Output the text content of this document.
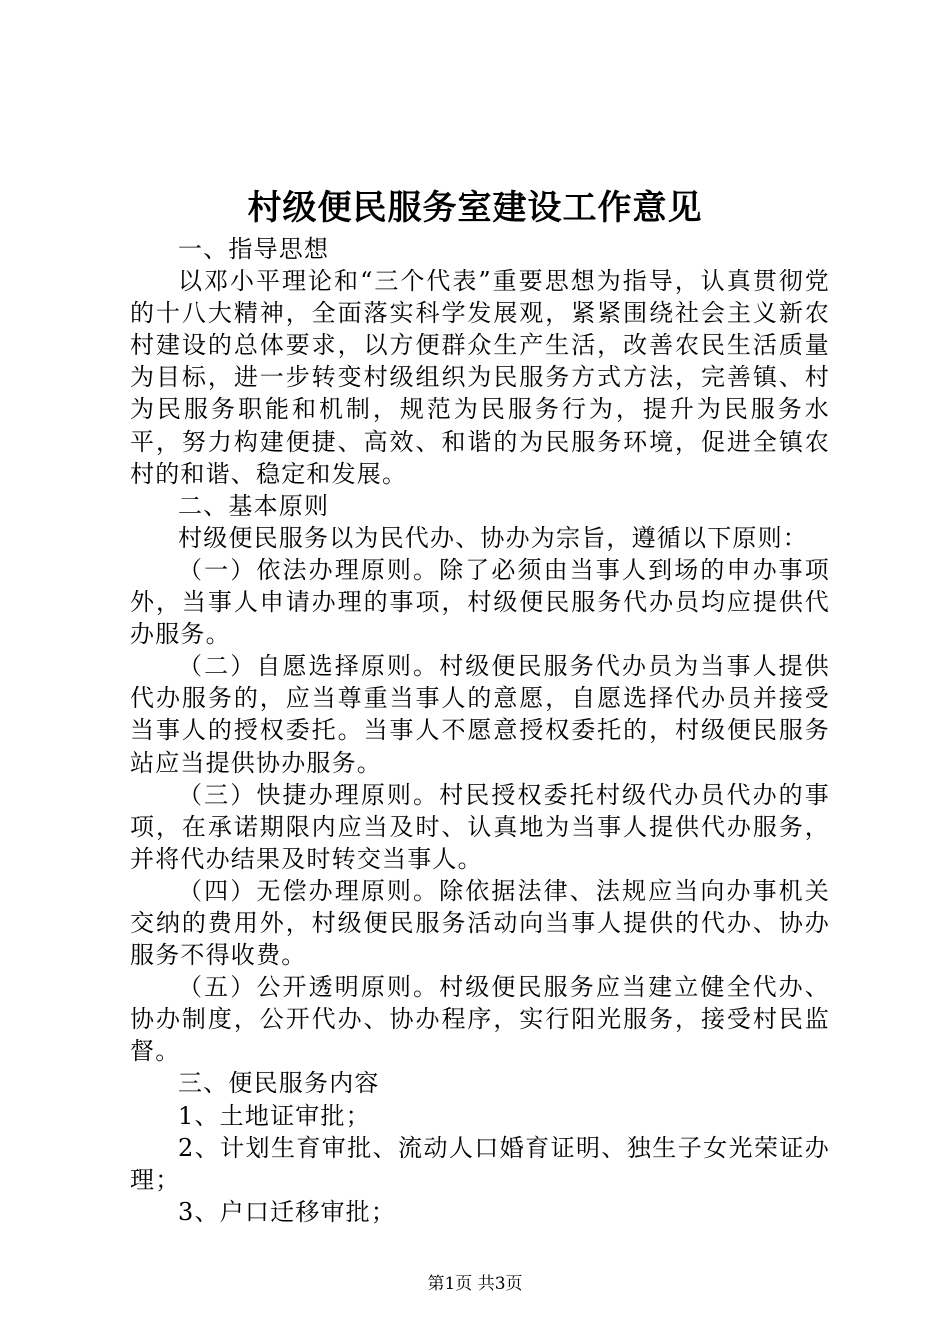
村级便民服务室建设工作意见

一、指导思想

以邓小平理论和“三个代表”重要思想为指导，认真贯彻党的十八大精神，全面落实科学发展观，紧紧围绕社会主义新农村建设的总体要求，以方便群众生产生活，改善农民生活质量为目标，进一步转变村级组织为民服务方式方法，完善镇、村为民服务职能和机制，规范为民服务行为，提升为民服务水平，努力构建便捷、高效、和谐的为民服务环境，促进全镇农村的和谐、稳定和发展。

二、基本原则

村级便民服务以为民代办、协办为宗旨，遵循以下原则：

（一）依法办理原则。除了必须由当事人到场的申办事项外，当事人申请办理的事项，村级便民服务代办员均应提供代办服务。

（二）自愿选择原则。村级便民服务代办员为当事人提供代办服务的，应当尊重当事人的意愿，自愿选择代办员并接受当事人的授权委托。当事人不愿意授权委托的，村级便民服务站应当提供协办服务。

（三）快捷办理原则。村民授权委托村级代办员代办的事项，在承诺期限内应当及时、认真地为当事人提供代办服务，并将代办结果及时转交当事人。

（四）无偿办理原则。除依据法律、法规应当向办事机关交纳的费用外，村级便民服务活动向当事人提供的代办、协办服务不得收费。

（五）公开透明原则。村级便民服务应当建立健全代办、协办制度，公开代办、协办程序，实行阳光服务，接受村民监督。

三、便民服务内容

1、土地证审批；

2、计划生育审批、流动人口婚育证明、独生子女光荣证办理；

3、户口迁移审批；

第1页 共3页
